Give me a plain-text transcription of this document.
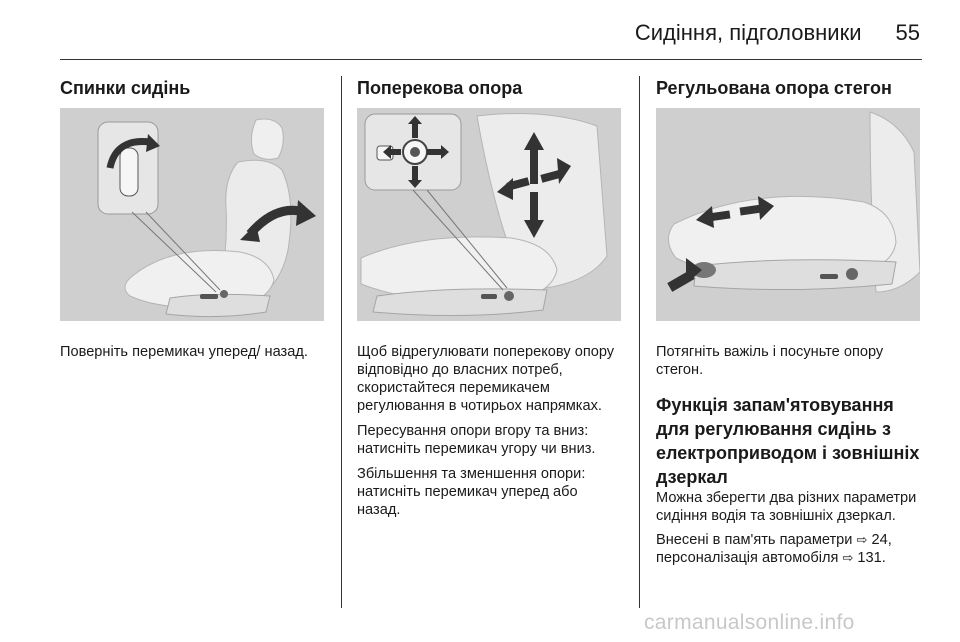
Сидіння, підголовники 55
Спинки сидінь

Поверніть перемикач уперед/ назад.

Поперекова опора

Щоб відрегулювати поперекову опору відповідно до власних потреб, скористайтеся перемикачем регулювання в чотирьох напрямках.

Пересування опори вгору та вниз: натисніть перемикач угору чи вниз.

Збільшення та зменшення опори: натисніть перемикач уперед або назад.

Регульована опора стегон

Потягніть важіль і посуньте опору стегон.

Функція запам'ятовування для регулювання сидінь з електроприводом і зовнішніх дзеркал

Можна зберегти два різних параметри сидіння водія та зовнішніх дзеркал.

Внесені в пам'ять параметри ⇨ 24, персоналізація автомобіля ⇨ 131.

carmanualsonline.info
